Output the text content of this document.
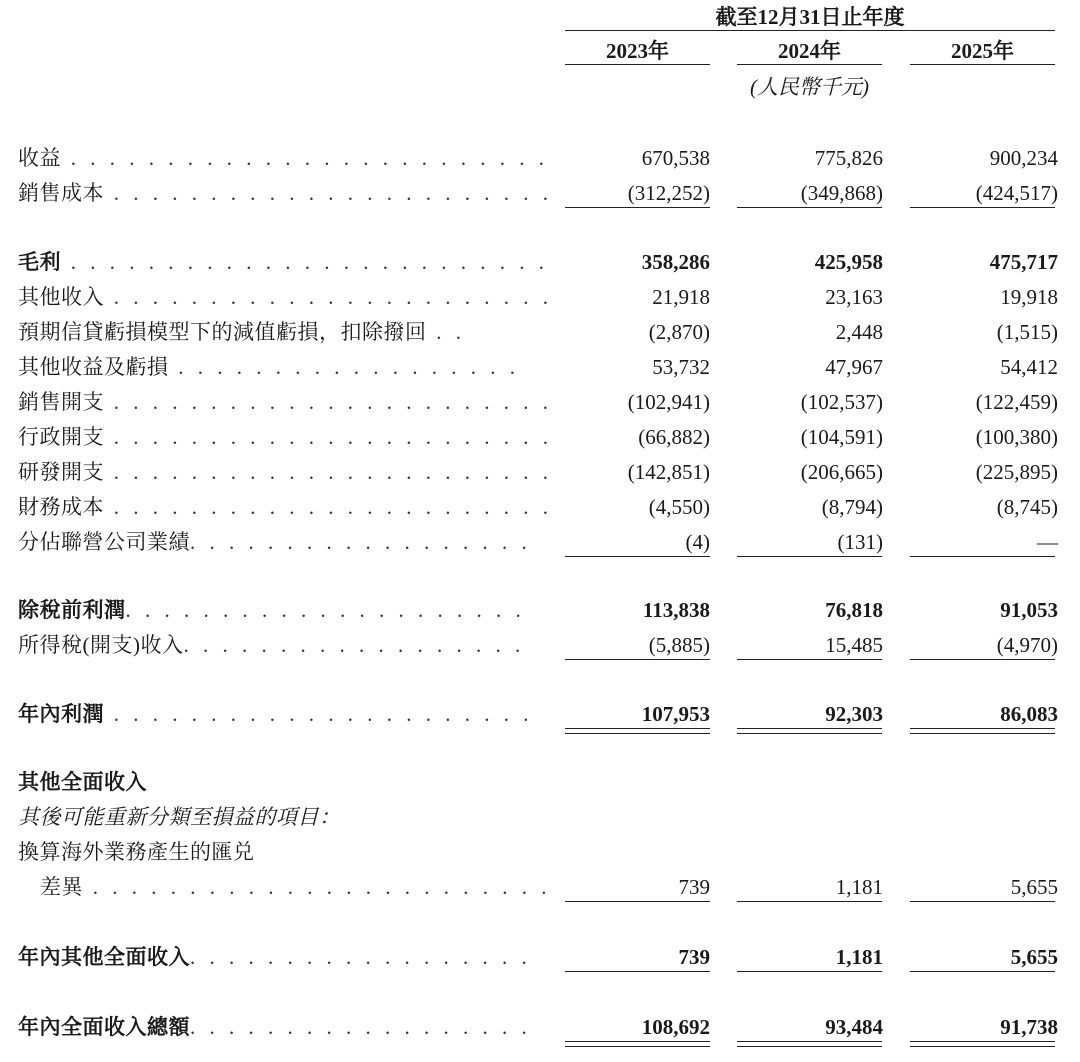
截至12月31日止年度
2023年	2024年	2025年
(人民幣千元)
收益 . . . . . . . . . . . . . . . . . . . . . . . . .	670,538	775,826	900,234
銷售成本 . . . . . . . . . . . . . . . . . . . . . . .	(312,252)	(349,868)	(424,517)
毛利 . . . . . . . . . . . . . . . . . . . . . . . . .	358,286	425,958	475,717
其他收入 . . . . . . . . . . . . . . . . . . . . . . .	21,918	23,163	19,918
預期信貸虧損模型下的減值虧損，扣除撥回 . .	(2,870)	2,448	(1,515)
其他收益及虧損 . . . . . . . . . . . . . . . . . .	53,732	47,967	54,412
銷售開支 . . . . . . . . . . . . . . . . . . . . . . .	(102,941)	(102,537)	(122,459)
行政開支 . . . . . . . . . . . . . . . . . . . . . . .	(66,882)	(104,591)	(100,380)
研發開支 . . . . . . . . . . . . . . . . . . . . . . .	(142,851)	(206,665)	(225,895)
財務成本 . . . . . . . . . . . . . . . . . . . . . . .	(4,550)	(8,794)	(8,745)
分佔聯營公司業績. . . . . . . . . . . . . . . . . .	(4)	(131)	—
除稅前利潤. . . . . . . . . . . . . . . . . . . . .	113,838	76,818	91,053
所得稅(開支)收入. . . . . . . . . . . . . . . . . .	(5,885)	15,485	(4,970)
年內利潤 . . . . . . . . . . . . . . . . . . . . . .	107,953	92,303	86,083
其他全面收入
其後可能重新分類至損益的項目：
換算海外業務產生的匯兑
差異 . . . . . . . . . . . . . . . . . . . . . . . .	739	1,181	5,655
年內其他全面收入. . . . . . . . . . . . . . . . . .	739	1,181	5,655
年內全面收入總額. . . . . . . . . . . . . . . . . .	108,692	93,484	91,738
